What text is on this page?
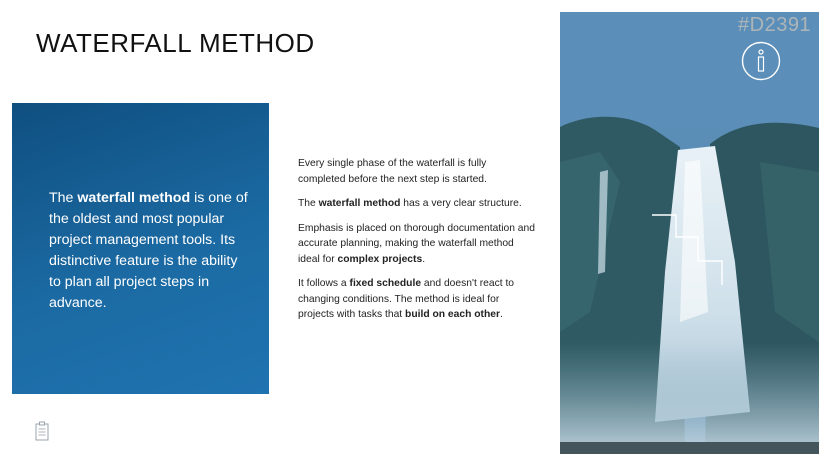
WATERFALL METHOD
The waterfall method is one of the oldest and most popular project management tools. Its distinctive feature is the ability to plan all project steps in advance.

Every single phase of the waterfall is fully completed before the next step is started.

The waterfall method has a very clear structure.

Emphasis is placed on thorough documentation and accurate planning, making the waterfall method ideal for complex projects.

It follows a fixed schedule and doesn't react to changing conditions. The method is ideal for projects with tasks that build on each other.

#D2391
